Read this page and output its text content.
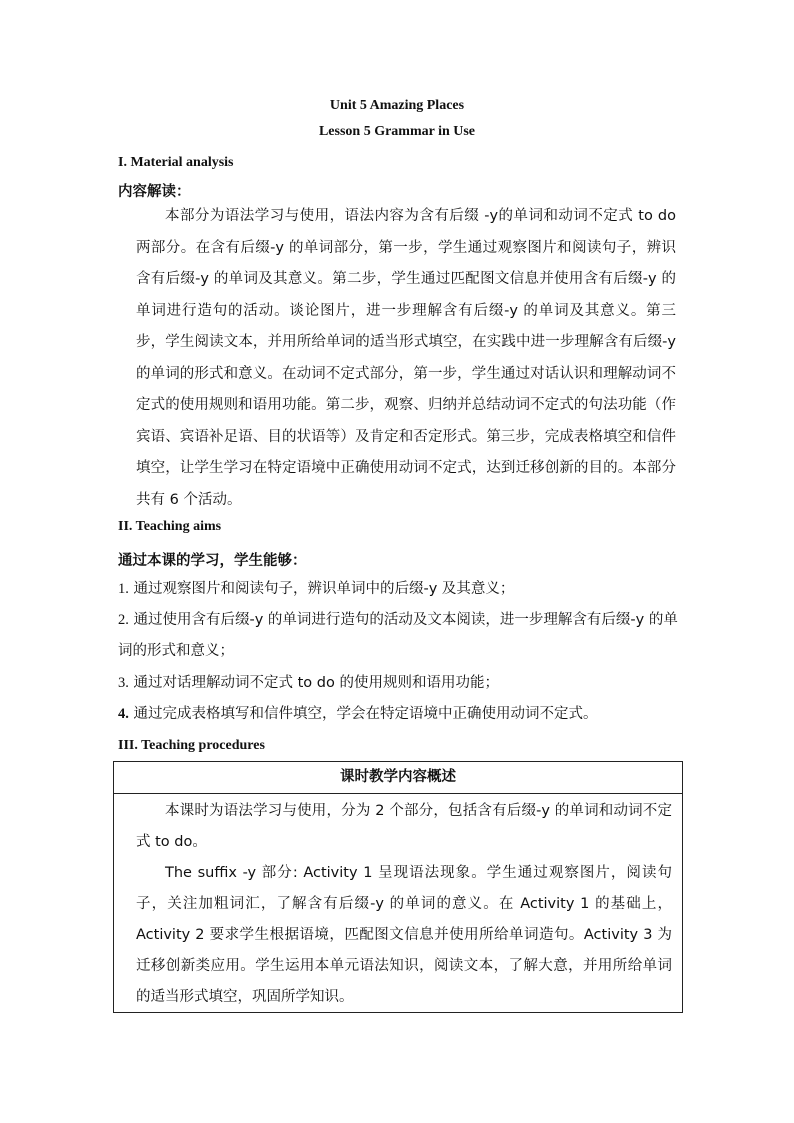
Unit 5 Amazing Places
Lesson 5 Grammar in Use
I. Material analysis
内容解读：
本部分为语法学习与使用，语法内容为含有后缀 -y的单词和动词不定式 to do 两部分。在含有后缀-y 的单词部分，第一步，学生通过观察图片和阅读句子，辨识含有后缀-y 的单词及其意义。第二步，学生通过匹配图文信息并使用含有后缀-y 的单词进行造句的活动。谈论图片，进一步理解含有后缀-y 的单词及其意义。第三步，学生阅读文本，并用所给单词的适当形式填空，在实践中进一步理解含有后缀-y 的单词的形式和意义。在动词不定式部分，第一步，学生通过对话认识和理解动词不定式的使用规则和语用功能。第二步，观察、归纳并总结动词不定式的句法功能（作宾语、宾语补足语、目的状语等）及肯定和否定形式。第三步，完成表格填空和信件填空，让学生学习在特定语境中正确使用动词不定式，达到迁移创新的目的。本部分共有 6 个活动。
II. Teaching aims
通过本课的学习，学生能够：
1. 通过观察图片和阅读句子，辨识单词中的后缀-y 及其意义；
2. 通过使用含有后缀-y 的单词进行造句的活动及文本阅读，进一步理解含有后缀-y 的单词的形式和意义；
3. 通过对话理解动词不定式 to do 的使用规则和语用功能；
4. 通过完成表格填写和信件填空，学会在特定语境中正确使用动词不定式。
III. Teaching procedures
课时教学内容概述
本课时为语法学习与使用，分为 2 个部分，包括含有后缀-y 的单词和动词不定式 to do。
The suffix -y 部分: Activity 1 呈现语法现象。学生通过观察图片，阅读句子，关注加粗词汇，了解含有后缀-y 的单词的意义。在 Activity 1 的基础上，Activity 2 要求学生根据语境，匹配图文信息并使用所给单词造句。Activity 3 为迁移创新类应用。学生运用本单元语法知识，阅读文本，了解大意，并用所给单词的适当形式填空，巩固所学知识。
